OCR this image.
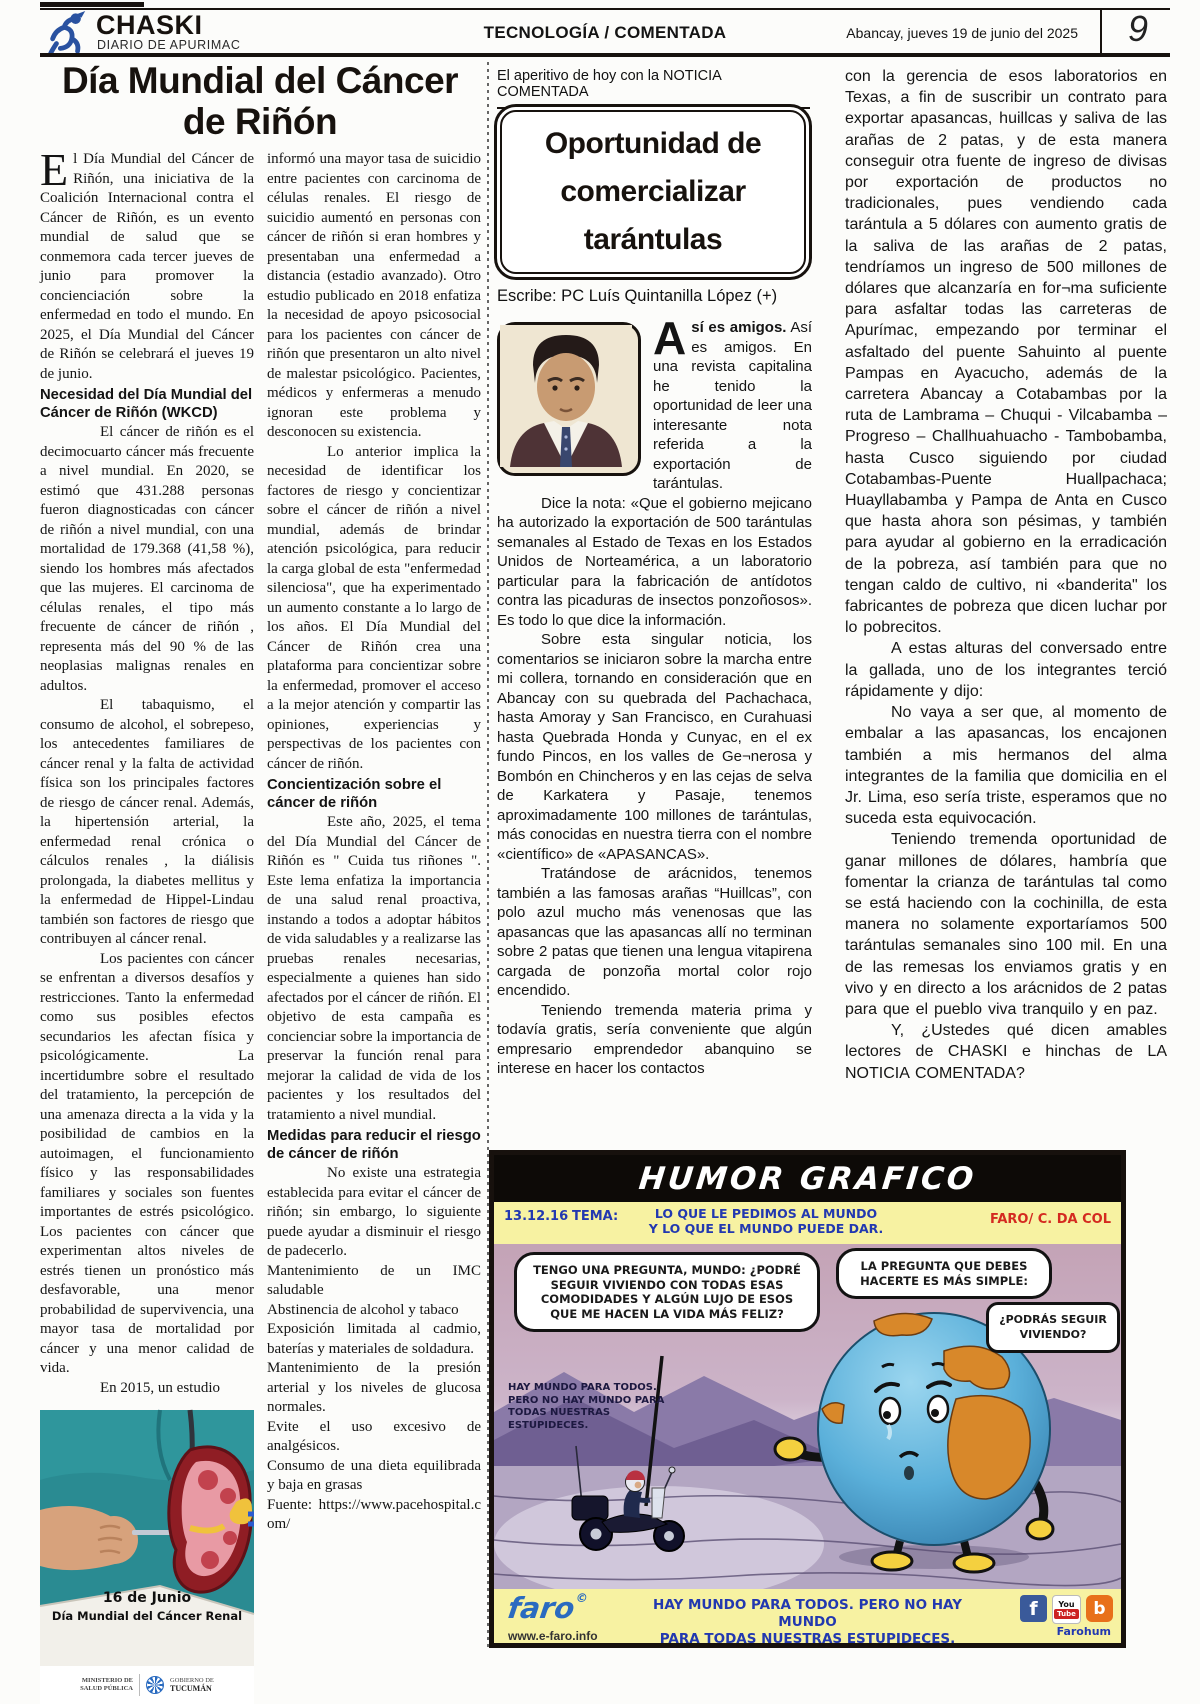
CHASKI
DIARIO DE APURIMAC
TECNOLOGÍA / COMENTADA	Abancay, jueves 19 de junio del 2025 9
Día Mundial del Cáncer de Riñón

El Día Mundial del Cáncer de Riñón, una iniciativa de la Coalición Internacional contra el Cáncer de Riñón, es un evento mundial de salud que se conmemora cada tercer jueves de junio para promover la concienciación sobre la enfermedad en todo el mundo. En 2025, el Día Mundial del Cáncer de Riñón se celebrará el jueves 19 de junio.

Necesidad del Día Mundial del Cáncer de Riñón (WKCD)

El cáncer de riñón es el decimocuarto cáncer más frecuente a nivel mundial. En 2020, se estimó que 431.288 personas fueron diagnosticadas con cáncer de riñón a nivel mundial, con una mortalidad de 179.368 (41,58 %), siendo los hombres más afectados que las mujeres. El carcinoma de células renales, el tipo más frecuente de cáncer de riñón , representa más del 90 % de las neoplasias malignas renales en adultos.

El tabaquismo, el consumo de alcohol, el sobrepeso, los antecedentes familiares de cáncer renal y la falta de actividad física son los principales factores de riesgo de cáncer renal. Además, la hipertensión arterial, la enfermedad renal crónica o cálculos renales , la diálisis prolongada, la diabetes mellitus y la enfermedad de Hippel-Lindau también son factores de riesgo que contribuyen al cáncer renal.

Los pacientes con cáncer se enfrentan a diversos desafíos y restricciones. Tanto la enfermedad como sus posibles efectos secundarios les afectan física y psicológicamente. La incertidumbre sobre el resultado del tratamiento, la percepción de una amenaza directa a la vida y la posibilidad de cambios en la autoimagen, el funcionamiento físico y las responsabilidades familiares y sociales son fuentes importantes de estrés psicológico. Los pacientes con cáncer que experimentan altos niveles de estrés tienen un pronóstico más desfavorable, una menor probabilidad de supervivencia, una mayor tasa de mortalidad por cáncer y una menor calidad de vida.

En 2015, un estudio

16 de Junio
Día Mundial del Cáncer Renal
MINISTERIO DE
SALUD PÚBLICA
GOBIERNO DE
TUCUMÁN

informó una mayor tasa de suicidio entre pacientes con carcinoma de células renales. El riesgo de suicidio aumentó en personas con cáncer de riñón si eran hombres y presentaban una enfermedad a distancia (estadio avanzado). Otro estudio publicado en 2018 enfatiza la necesidad de apoyo psicosocial para los pacientes con cáncer de riñón que presentaron un alto nivel de malestar psicológico. Pacientes, médicos y enfermeras a menudo ignoran este problema y desconocen su existencia.

Lo anterior implica la necesidad de identificar los factores de riesgo y concientizar sobre el cáncer de riñón a nivel mundial, además de brindar atención psicológica, para reducir la carga global de esta "enfermedad silenciosa", que ha experimentado un aumento constante a lo largo de los años. El Día Mundial del Cáncer de Riñón crea una plataforma para concientizar sobre la enfermedad, promover el acceso a la mejor atención y compartir las opiniones, experiencias y perspectivas de los pacientes con cáncer de riñón.

Concientización sobre el cáncer de riñón

Este año, 2025, el tema del Día Mundial del Cáncer de Riñón es " Cuida tus riñones ". Este lema enfatiza la importancia de una salud renal proactiva, instando a todos a adoptar hábitos de vida saludables y a realizarse las pruebas renales necesarias, especialmente a quienes han sido afectados por el cáncer de riñón. El objetivo de esta campaña es concienciar sobre la importancia de preservar la función renal para mejorar la calidad de vida de los pacientes y los resultados del tratamiento a nivel mundial.

Medidas para reducir el riesgo de cáncer de riñón

No existe una estrategia establecida para evitar el cáncer de riñón; sin embargo, lo siguiente puede ayudar a disminuir el riesgo de padecerlo.

Mantenimiento de un IMC saludable

Abstinencia de alcohol y tabaco

Exposición limitada al cadmio, baterías y materiales de soldadura.

Mantenimiento de la presión arterial y los niveles de glucosa normales.

Evite el uso excesivo de analgésicos.

Consumo de una dieta equilibrada y baja en grasas

Fuente: https://www.pacehospital.com/

El aperitivo de hoy con la NOTICIA COMENTADA
Oportunidad de comercializar tarántulas
Escribe: PC Luís Quintanilla López (+)

Así es amigos. Así es amigos. En una revista capitalina he tenido la oportunidad de leer una interesante nota referida a la exportación de tarántulas.

Dice la nota: «Que el gobierno mejicano ha autorizado la exportación de 500 tarántulas semanales al Estado de Texas en los Estados Unidos de Norteamérica, a un laboratorio particular para la fabricación de antídotos contra las picaduras de insectos ponzoñosos». Es todo lo que dice la información.

Sobre esta singular noticia, los comentarios se iniciaron sobre la marcha entre mi collera, tornando en consideración que en Abancay con su quebrada del Pachachaca, hasta Amoray y San Francisco, en Curahuasi hasta Quebrada Honda y Cunyac, en el ex fundo Pincos, en los valles de Ge¬nerosa y Bombón en Chincheros y en las cejas de selva de Karkatera y Pasaje, tenemos aproximadamente 100 millones de tarántulas, más conocidas en nuestra tierra con el nombre «científico» de «APASANCAS».

Tratándose de arácnidos, tenemos también a las famosas arañas “Huillcas”, con polo azul mucho más venenosas que las apasancas que las apasancas allí no terminan sobre 2 patas que tienen una lengua vitapirena cargada de ponzoña mortal color rojo encendido.

Teniendo tremenda materia prima y todavía gratis, sería conveniente que algún empresario emprendedor abanquino se interese en hacer los contactos

con la gerencia de esos laboratorios en Texas, a fin de suscribir un contrato para exportar apasancas, huillcas y saliva de las arañas de 2 patas, y de esta manera conseguir otra fuente de ingreso de divisas por exportación de productos no tradicionales, pues vendiendo cada tarántula a 5 dólares con aumento gratis de la saliva de las arañas de 2 patas, tendríamos un ingreso de 500 millones de dólares que alcanzaría en for¬ma suficiente para asfaltar todas las carreteras de Apurímac, empezando por terminar el asfaltado del puente Sahuinto al puente Pampas en Ayacucho, además de la carretera Abancay a Cotabambas por la ruta de Lambrama – Chuqui - Vilcabamba – Progreso – Challhuahuacho - Tambobamba, hasta Cusco siguiendo por ciudad Cotabambas-Puente Huallpachaca; Huayllabamba y Pampa de Anta en Cusco que hasta ahora son pésimas, y también para ayudar al gobierno en la erradicación de la pobreza, así también para que no tengan caldo de cultivo, ni «banderita" los fabricantes de pobreza que dicen luchar por lo pobrecitos.

A estas alturas del conversado entre la gallada, uno de los integrantes terció rápidamente y dijo:

No vaya a ser que, al momento de embalar a las apasancas, los encajonen también a mis hermanos del alma integrantes de la familia que domicilia en el Jr. Lima, eso sería triste, esperamos que no suceda esta equivocación.

Teniendo tremenda oportunidad de ganar millones de dólares, hambría que fomentar la crianza de tarántulas tal como se está haciendo con la cochinilla, de esta manera no solamente exportaríamos 500 tarántulas semanales sino 100 mil. En una de las remesas los enviamos gratis y en vivo y en directo a los arácnidos de 2 patas para que el pueblo viva tranquilo y en paz.

Y, ¿Ustedes qué dicen amables lectores de CHASKI e hinchas de LA NOTICIA COMENTADA?

HUMOR GRAFICO
13.12.16 TEMA:	LO QUE LE PEDIMOS AL MUNDO
Y LO QUE EL MUNDO PUEDE DAR.
FARO/ C. DA COL
TENGO UNA PREGUNTA, MUNDO: ¿PODRÉ SEGUIR VIVIENDO CON TODAS ESAS COMODIDADES Y ALGÚN LUJO DE ESOS QUE ME HACEN LA VIDA MÁS FELIZ?
LA PREGUNTA QUE DEBES HACERTE ES MÁS SIMPLE:
¿PODRÁS SEGUIR VIVIENDO?
HAY MUNDO PARA TODOS. PERO NO HAY MUNDO PARA TODAS NUESTRAS ESTUPIDECES.
faro©
www.e-faro.info
HAY MUNDO PARA TODOS. PERO NO HAY MUNDO
PARA TODAS NUESTRAS ESTUPIDECES.
f	You
Tube b
Farohum
